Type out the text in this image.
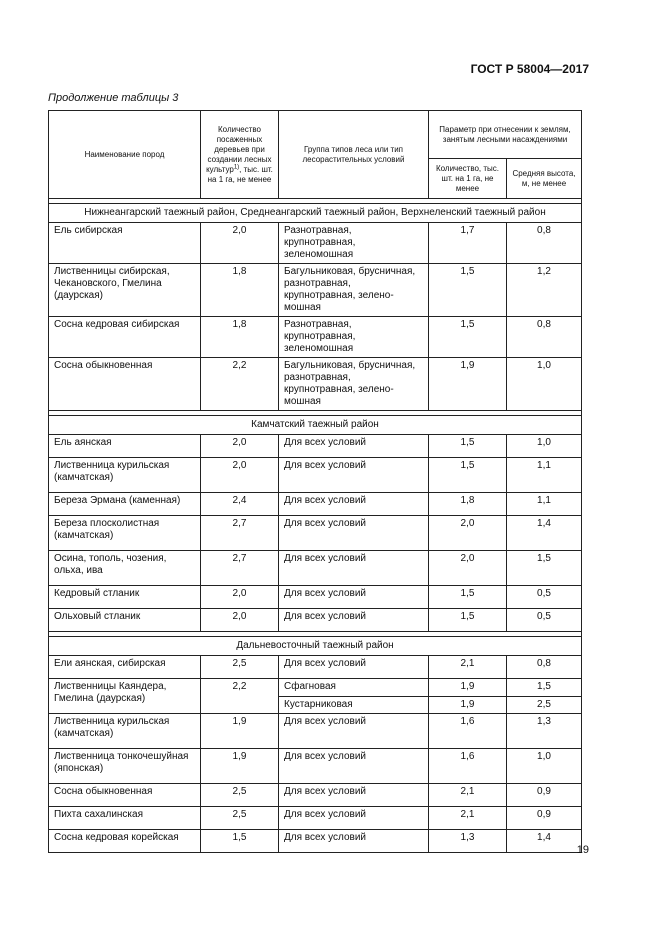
ГОСТ Р 58004—2017
Продолжение таблицы 3
Наименование пород	Количество посаженных деревьев при создании лесных культур$^{1)}$, тыс. шт. на 1 га, не менее	Группа типов леса или тип лесорастительных условий	Параметр при отнесении к землям, занятым лесными насаждениями	
			Количество, тыс. шт. на 1 га, не менее	Средняя высота, м, не менее

Нижнеангарский таежный район, Среднеангарский таежный район, Верхнеленский таежный район				
Ель сибирская	2,0	Разнотравная, крупнотравная, зеленомошная	1,7	0,8
Лиственницы сибирская, Чекановского, Гмелина (даурская)	1,8	Багульниковая, брусничная, разнотравная, крупнотравная, зелено-мошная	1,5	1,2
Сосна кедровая сибирская	1,8	Разнотравная, крупнотравная, зеленомошная	1,5	0,8
Сосна обыкновенная	2,2	Багульниковая, брусничная, разнотравная, крупнотравная, зелено-мошная	1,9	1,0

Камчатский таежный район				
Ель аянская	2,0	Для всех условий	1,5	1,0
Лиственница курильская (камчатская)	2,0	Для всех условий	1,5	1,1
Береза Эрмана (каменная)	2,4	Для всех условий	1,8	1,1
Береза плосколистная (камчатская)	2,7	Для всех условий	2,0	1,4
Осина, тополь, чозения, ольха, ива	2,7	Для всех условий	2,0	1,5
Кедровый стланик	2,0	Для всех условий	1,5	0,5
Ольховый стланик	2,0	Для всех условий	1,5	0,5

Дальневосточный таежный район				
Ели аянская, сибирская	2,5	Для всех условий	2,1	0,8
Лиственницы Каяндера, Гмелина (даурская)	2,2	Сфагновая	1,9	1,5
		Кустарниковая	1,9	2,5
Лиственница курильская (камчатская)	1,9	Для всех условий	1,6	1,3
Лиственница тонкочешуйная (японская)	1,9	Для всех условий	1,6	1,0
Сосна обыкновенная	2,5	Для всех условий	2,1	0,9
Пихта сахалинская	2,5	Для всех условий	2,1	0,9
Сосна кедровая корейская	1,5	Для всех условий	1,3	1,4
19
